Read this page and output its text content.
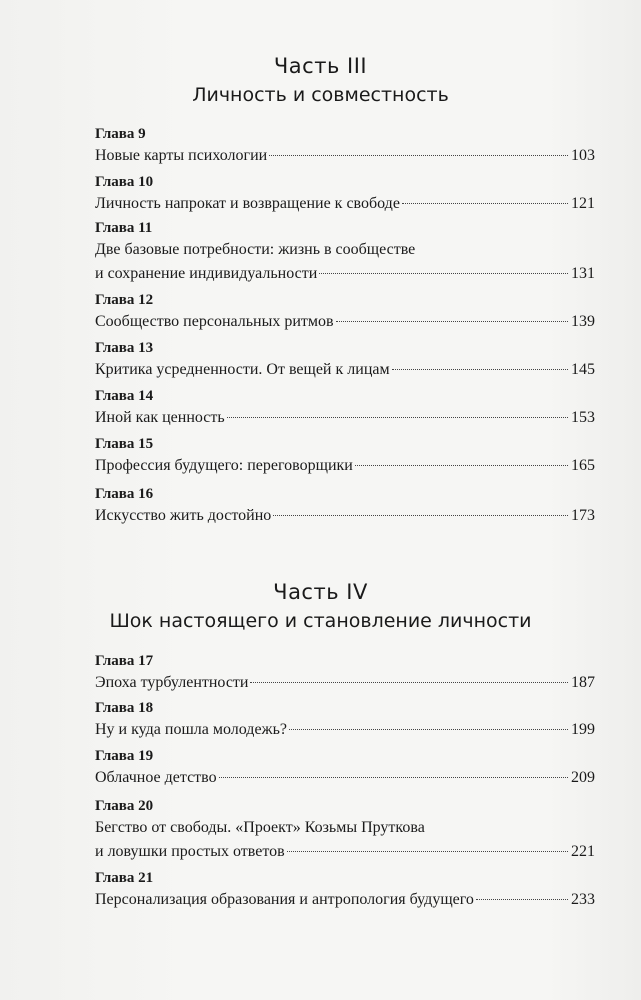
Часть III
Личность и совместность
Глава 9
Новые карты психологии	103
Глава 10
Личность напрокат и возвращение к свободе	121
Глава 11
Две базовые потребности: жизнь в сообществе
и сохранение индивидуальности	131
Глава 12
Сообщество персональных ритмов	139
Глава 13
Критика усредненности. От вещей к лицам	145
Глава 14
Иной как ценность	153
Глава 15
Профессия будущего: переговорщики	165
Глава 16
Искусство жить достойно	173
Часть IV
Шок настоящего и становление личности
Глава 17
Эпоха турбулентности	187
Глава 18
Ну и куда пошла молодежь?	199
Глава 19
Облачное детство	209
Глава 20
Бегство от свободы. «Проект» Козьмы Пруткова
и ловушки простых ответов	221
Глава 21
Персонализация образования и антропология будущего	233
